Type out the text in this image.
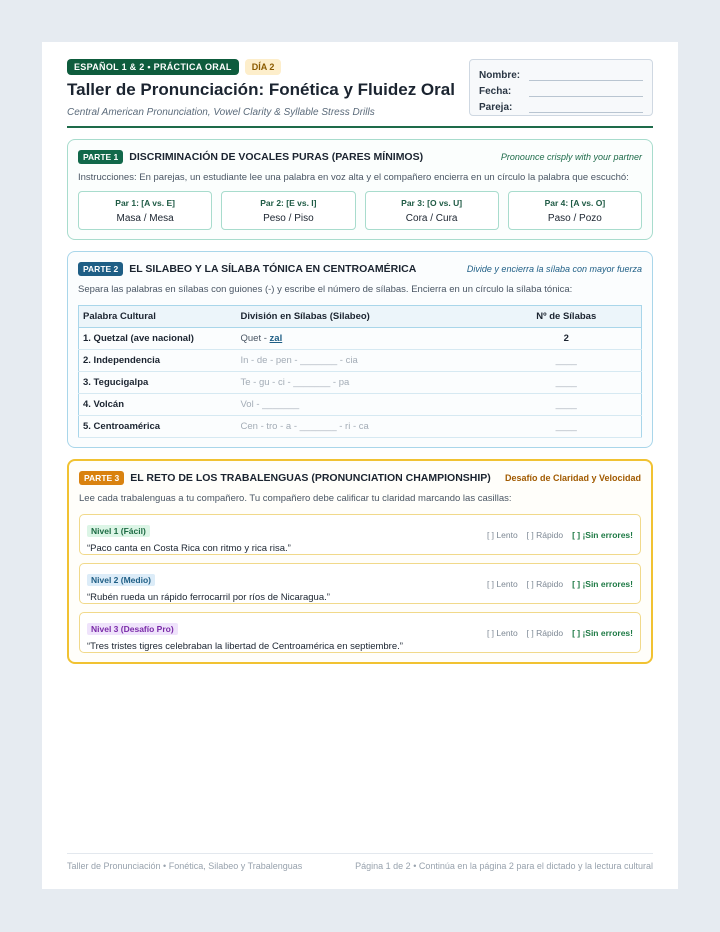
ESPAÑOL 1 & 2 • PRÁCTICA ORAL	DÍA 2
Taller de Pronunciación: Fonética y Fluidez Oral
Central American Pronunciation, Vowel Clarity & Syllable Stress Drills
Nombre:
Fecha:
Pareja:
PARTE 1	DISCRIMINACIÓN DE VOCALES PURAS (PARES MÍNIMOS)	Pronounce crisply with your partner
Instrucciones: En parejas, un estudiante lee una palabra en voz alta y el compañero encierra en un círculo la palabra que escuchó:
Par 1: [A vs. E]
Masa / Mesa
Par 2: [E vs. I]
Peso / Piso
Par 3: [O vs. U]
Cora / Cura
Par 4: [A vs. O]
Paso / Pozo
PARTE 2	EL SILABEO Y LA SÍLABA TÓNICA EN CENTROAMÉRICA	Divide y encierra la sílaba con mayor fuerza
Separa las palabras en sílabas con guiones (-) y escribe el número de sílabas. Encierra en un círculo la sílaba tónica:
Palabra Cultural	División en Sílabas (Silabeo)	Nº de Sílabas
1. Quetzal (ave nacional)	Quet - zal	2
2. Independencia	In - de - pen - _______ - cia	____
3. Tegucigalpa	Te - gu - ci - _______ - pa	____
4. Volcán	Vol - _______	____
5. Centroamérica	Cen - tro - a - _______ - ri - ca	____
PARTE 3	EL RETO DE LOS TRABALENGUAS (PRONUNCIATION CHAMPIONSHIP) Desafío de Claridad y Velocidad
Lee cada trabalenguas a tu compañero. Tu compañero debe calificar tu claridad marcando las casillas:
Nivel 1 (Fácil)
“Paco canta en Costa Rica con ritmo y rica risa.”
[ ] Lento [ ] Rápido [ ] ¡Sin errores!
Nivel 2 (Medio)
“Rubén rueda un rápido ferrocarril por ríos de Nicaragua.”
[ ] Lento [ ] Rápido [ ] ¡Sin errores!
Nivel 3 (Desafío Pro)
“Tres tristes tigres celebraban la libertad de Centroamérica en septiembre.”
[ ] Lento [ ] Rápido [ ] ¡Sin errores!
Taller de Pronunciación • Fonética, Silabeo y Trabalenguas	Página 1 de 2 • Continúa en la página 2 para el dictado y la lectura cultural
